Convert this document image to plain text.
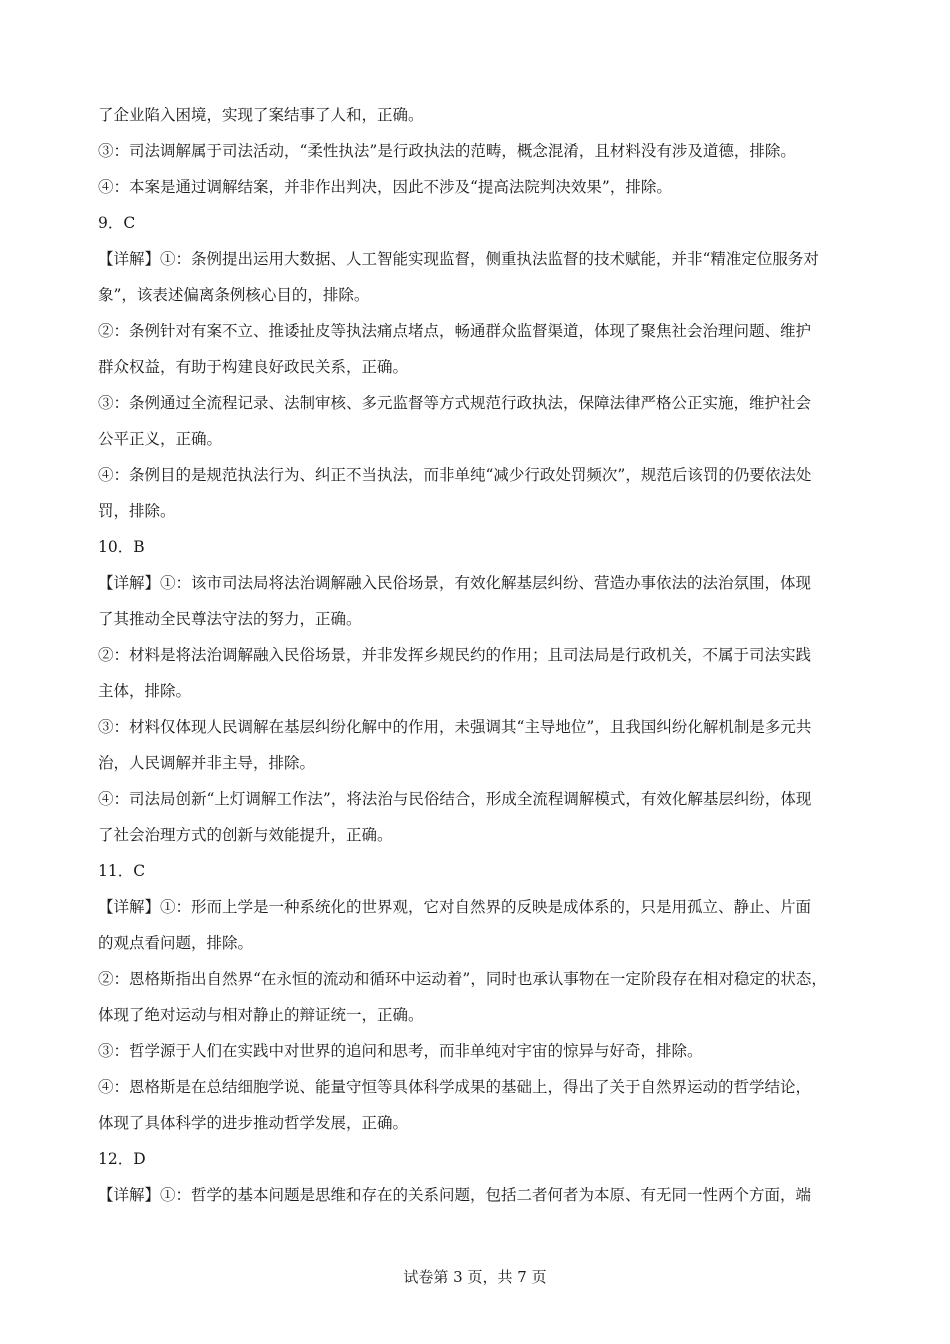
了企业陷入困境，实现了案结事了人和，正确。
③：司法调解属于司法活动，“柔性执法”是行政执法的范畴，概念混淆，且材料没有涉及道德，排除。
④：本案是通过调解结案，并非作出判决，因此不涉及“提高法院判决效果”，排除。
9．C
【详解】①：条例提出运用大数据、人工智能实现监督，侧重执法监督的技术赋能，并非“精准定位服务对
象”，该表述偏离条例核心目的，排除。
②：条例针对有案不立、推诿扯皮等执法痛点堵点，畅通群众监督渠道，体现了聚焦社会治理问题、维护
群众权益，有助于构建良好政民关系，正确。
③：条例通过全流程记录、法制审核、多元监督等方式规范行政执法，保障法律严格公正实施，维护社会
公平正义，正确。
④：条例目的是规范执法行为、纠正不当执法，而非单纯“减少行政处罚频次”，规范后该罚的仍要依法处
罚，排除。
10．B
【详解】①：该市司法局将法治调解融入民俗场景，有效化解基层纠纷、营造办事依法的法治氛围，体现
了其推动全民尊法守法的努力，正确。
②：材料是将法治调解融入民俗场景，并非发挥乡规民约的作用；且司法局是行政机关，不属于司法实践
主体，排除。
③：材料仅体现人民调解在基层纠纷化解中的作用，未强调其“主导地位”，且我国纠纷化解机制是多元共
治，人民调解并非主导，排除。
④：司法局创新“上灯调解工作法”，将法治与民俗结合，形成全流程调解模式，有效化解基层纠纷，体现
了社会治理方式的创新与效能提升，正确。
11．C
【详解】①：形而上学是一种系统化的世界观，它对自然界的反映是成体系的，只是用孤立、静止、片面
的观点看问题，排除。
②：恩格斯指出自然界“在永恒的流动和循环中运动着”，同时也承认事物在一定阶段存在相对稳定的状态，
体现了绝对运动与相对静止的辩证统一，正确。
③：哲学源于人们在实践中对世界的追问和思考，而非单纯对宇宙的惊异与好奇，排除。
④：恩格斯是在总结细胞学说、能量守恒等具体科学成果的基础上，得出了关于自然界运动的哲学结论，
体现了具体科学的进步推动哲学发展，正确。
12．D
【详解】①：哲学的基本问题是思维和存在的关系问题，包括二者何者为本原、有无同一性两个方面，端
试卷第 3 页，共 7 页
